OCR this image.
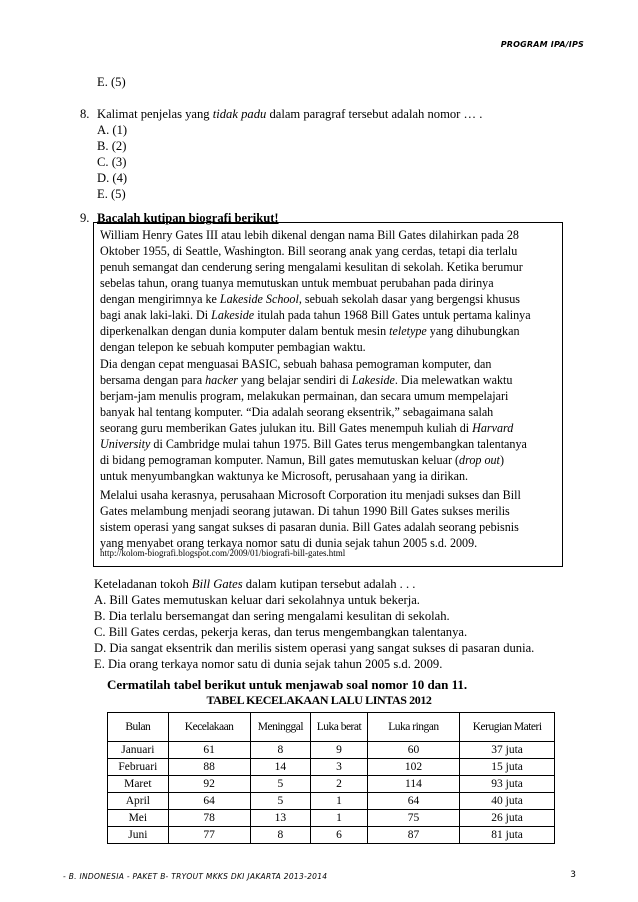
PROGRAM IPA/IPS
E. (5)
8. Kalimat penjelas yang tidak padu dalam paragraf tersebut adalah nomor … .
A. (1)
B. (2)
C. (3)
D. (4)
E. (5)
9. Bacalah kutipan biografi berikut!
William Henry Gates III atau lebih dikenal dengan nama Bill Gates dilahirkan pada 28
Oktober 1955, di Seattle, Washington. Bill seorang anak yang cerdas, tetapi dia terlalu
penuh semangat dan cenderung sering mengalami kesulitan di sekolah. Ketika berumur
sebelas tahun, orang tuanya memutuskan untuk membuat perubahan pada dirinya
dengan mengirimnya ke Lakeside School, sebuah sekolah dasar yang bergengsi khusus
bagi anak laki-laki. Di Lakeside itulah pada tahun 1968 Bill Gates untuk pertama kalinya
diperkenalkan dengan dunia komputer dalam bentuk mesin teletype yang dihubungkan
dengan telepon ke sebuah komputer pembagian waktu.
Dia dengan cepat menguasai BASIC, sebuah bahasa pemograman komputer, dan
bersama dengan para hacker yang belajar sendiri di Lakeside. Dia melewatkan waktu
berjam-jam menulis program, melakukan permainan, dan secara umum mempelajari
banyak hal tentang komputer. “Dia adalah seorang eksentrik,” sebagaimana salah
seorang guru memberikan Gates julukan itu. Bill Gates menempuh kuliah di Harvard
University di Cambridge mulai tahun 1975. Bill Gates terus mengembangkan talentanya
di bidang pemograman komputer. Namun, Bill gates memutuskan keluar (drop out)
untuk menyumbangkan waktunya ke Microsoft, perusahaan yang ia dirikan.
Melalui usaha kerasnya, perusahaan Microsoft Corporation itu menjadi sukses dan Bill
Gates melambung menjadi seorang jutawan. Di tahun 1990 Bill Gates sukses merilis
sistem operasi yang sangat sukses di pasaran dunia. Bill Gates adalah seorang pebisnis
yang menyabet orang terkaya nomor satu di dunia sejak tahun 2005 s.d. 2009.
http://kolom-biografi.blogspot.com/2009/01/biografi-bill-gates.html
Keteladanan tokoh Bill Gates dalam kutipan tersebut adalah . . .
A. Bill Gates memutuskan keluar dari sekolahnya untuk bekerja.
B. Dia terlalu bersemangat dan sering mengalami kesulitan di sekolah.
C. Bill Gates cerdas, pekerja keras, dan terus mengembangkan talentanya.
D. Dia sangat eksentrik dan merilis sistem operasi yang sangat sukses di pasaran dunia.
E. Dia orang terkaya nomor satu di dunia sejak tahun 2005 s.d. 2009.
Cermatilah tabel berikut untuk menjawab soal nomor 10 dan 11.
TABEL KECELAKAAN LALU LINTAS 2012
Bulan	Kecelakaan	Meninggal	Luka berat	Luka ringan	Kerugian Materi
Januari	61	8	9	60	37 juta
Februari	88	14	3	102	15 juta
Maret	92	5	2	114	93 juta
April	64	5	1	64	40 juta
Mei	78	13	1	75	26 juta
Juni	77	8	6	87	81 juta
- B. INDONESIA - PAKET B- TRYOUT MKKS DKI JAKARTA 2013-2014	3
